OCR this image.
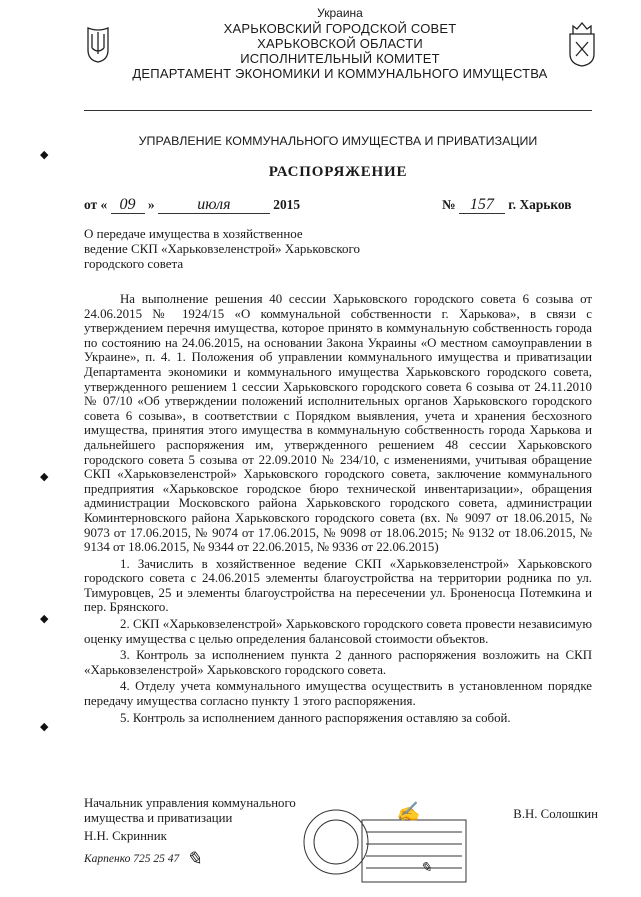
Украина
ХАРЬКОВСКИЙ ГОРОДСКОЙ СОВЕТ
ХАРЬКОВСКОЙ ОБЛАСТИ
ИСПОЛНИТЕЛЬНЫЙ КОМИТЕТ
ДЕПАРТАМЕНТ ЭКОНОМИКИ И КОММУНАЛЬНОГО ИМУЩЕСТВА
УПРАВЛЕНИЕ КОММУНАЛЬНОГО ИМУЩЕСТВА И ПРИВАТИЗАЦИИ
РАСПОРЯЖЕНИЕ
от « 09 »	июля	2015	№ 157 г. Харьков
О передаче имущества в хозяйственное
ведение СКП «Харьковзеленстрой» Харьковского
городского совета

На выполнение решения 40 сессии Харьковского городского совета 6 созыва от 24.06.2015 № 1924/15 «О коммунальной собственности г. Харькова», в связи с утверждением перечня имущества, которое принято в коммунальную собственность города по состоянию на 24.06.2015, на основании Закона Украины «О местном самоуправлении в Украине», п. 4. 1. Положения об управлении коммунального имущества и приватизации Департамента экономики и коммунального имущества Харьковского городского совета, утвержденного решением 1 сессии Харьковского городского совета 6 созыва от 24.11.2010 № 07/10 «Об утверждении положений исполнительных органов Харьковского городского совета 6 созыва», в соответствии с Порядком выявления, учета и хранения бесхозного имущества, принятия этого имущества в коммунальную собственность города Харькова и дальнейшего распоряжения им, утвержденного решением 48 сессии Харьковского городского совета 5 созыва от 22.09.2010 № 234/10, с изменениями, учитывая обращение СКП «Харьковзеленстрой» Харьковского городского совета, заключение коммунального предприятия «Харьковское городское бюро технической инвентаризации», обращения администрации Московского района Харьковского городского совета, администрации Коминтерновского района Харьковского городского совета (вх. № 9097 от 18.06.2015, № 9073 от 17.06.2015, № 9074 от 17.06.2015, № 9098 от 18.06.2015; № 9132 от 18.06.2015, № 9134 от 18.06.2015, № 9344 от 22.06.2015, № 9336 от 22.06.2015)

1. Зачислить в хозяйственное ведение СКП «Харьковзеленстрой» Харьковского городского совета с 24.06.2015 элементы благоустройства на территории родника по ул. Тимуровцев, 25 и элементы благоустройства на пересечении ул. Броненосца Потемкина и пер. Брянского.

2. СКП «Харьковзеленстрой» Харьковского городского совета провести независимую оценку имущества с целью определения балансовой стоимости объектов.

3. Контроль за исполнением пункта 2 данного распоряжения возложить на СКП «Харьковзеленстрой» Харьковского городского совета.

4. Отделу учета коммунального имущества осуществить в установленном порядке передачу имущества согласно пункту 1 этого распоряжения.

5. Контроль за исполнением данного распоряжения оставляю за собой.

Начальник управления коммунального
имущества и приватизации	В.Н. Солошкин
Н.Н. Скринник
Карпенко 725 25 47
✍
✎	✎
◆
◆
◆
◆
